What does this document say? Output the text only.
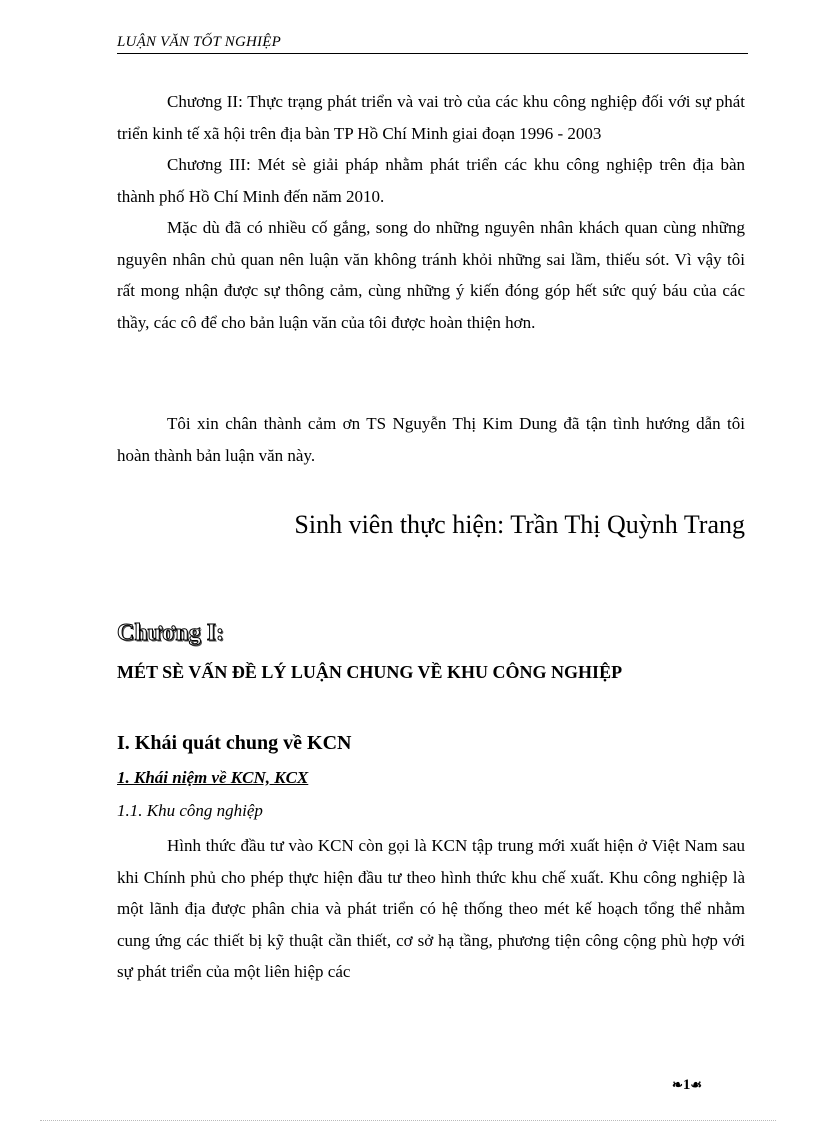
LUẬN VĂN TỐT NGHIỆP

Chương II: Thực trạng phát triển và vai trò của các khu công nghiệp đối với sự phát triển kinh tế xã hội trên địa bàn TP Hồ Chí Minh giai đoạn 1996 - 2003

Chương III: Mét sè giải pháp nhằm phát triển các khu công nghiệp trên địa bàn thành phố Hồ Chí Minh đến năm 2010.

Mặc dù đã có nhiều cố gắng, song do những nguyên nhân khách quan cùng những nguyên nhân chủ quan nên luận văn không tránh khỏi những sai lầm, thiếu sót. Vì vậy tôi rất mong nhận được sự thông cảm, cùng những ý kiến đóng góp hết sức quý báu của các thầy, các cô để cho bản luận văn của tôi được hoàn thiện hơn.

Tôi xin chân thành cảm ơn TS Nguyễn Thị Kim Dung đã tận tình hướng dẫn tôi hoàn thành bản luận văn này.

Sinh viên thực hiện: Trần Thị Quỳnh Trang
Chương I:
MÉT SÈ VẤN ĐỀ LÝ LUẬN CHUNG VỀ KHU CÔNG NGHIỆP
I. Khái quát chung về KCN
1. Khái niệm về KCN, KCX
1.1. Khu công nghiệp

Hình thức đầu tư vào KCN còn gọi là KCN tập trung mới xuất hiện ở Việt Nam sau khi Chính phủ cho phép thực hiện đầu tư theo hình thức khu chế xuất. Khu công nghiệp là một lãnh địa được phân chia và phát triển có hệ thống theo mét kế hoạch tổng thể nhằm cung ứng các thiết bị kỹ thuật cần thiết, cơ sở hạ tầng, phương tiện công cộng phù hợp với sự phát triển của một liên hiệp các

❧1☙
